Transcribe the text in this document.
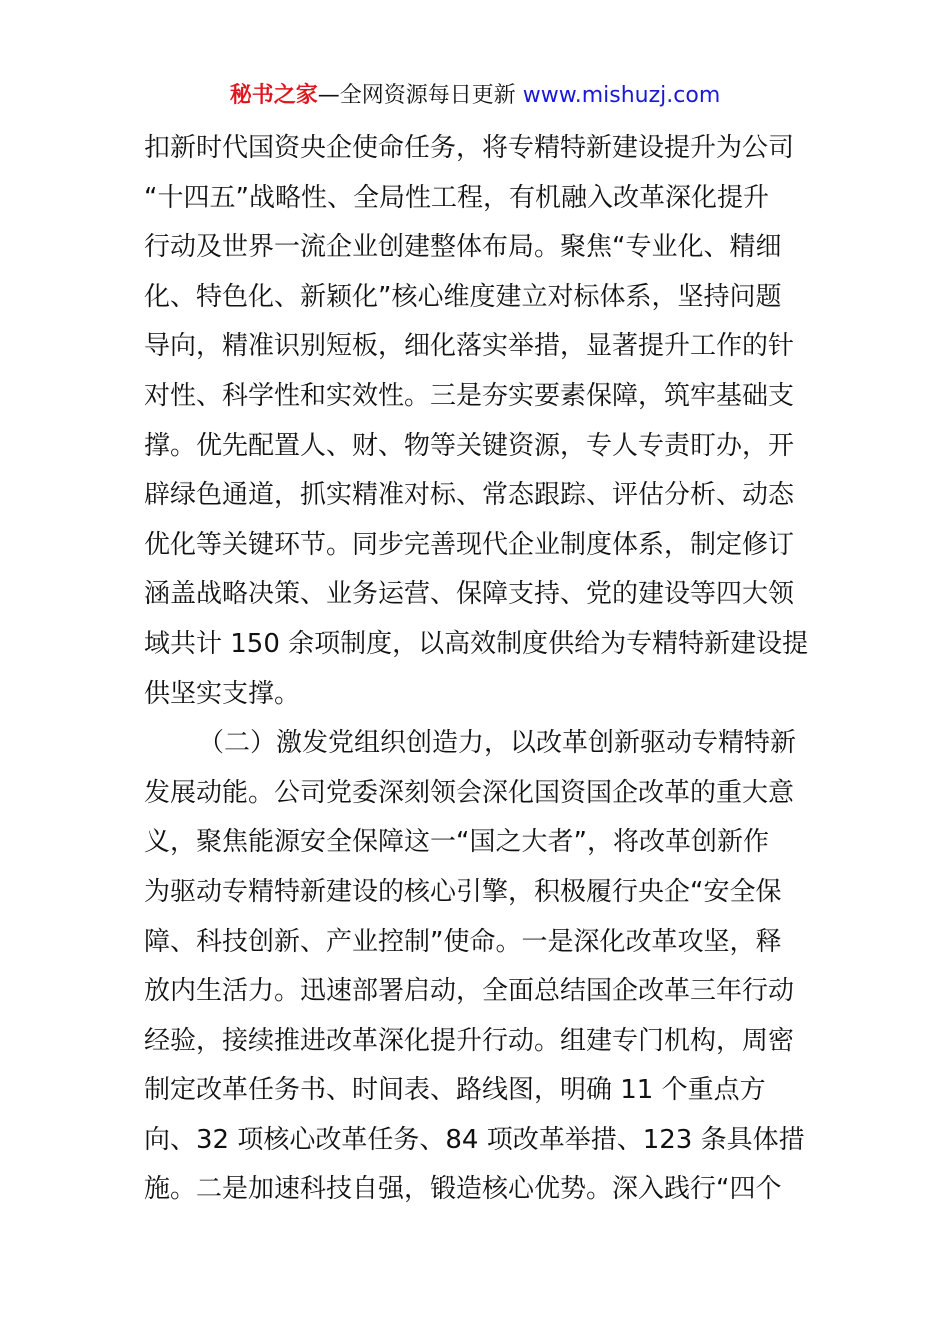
秘书之家—全网资源每日更新 www.mishuzj.com
扣新时代国资央企使命任务，将专精特新建设提升为公司
“十四五”战略性、全局性工程，有机融入改革深化提升
行动及世界一流企业创建整体布局。聚焦“专业化、精细
化、特色化、新颖化”核心维度建立对标体系，坚持问题
导向，精准识别短板，细化落实举措，显著提升工作的针
对性、科学性和实效性。三是夯实要素保障，筑牢基础支
撑。优先配置人、财、物等关键资源，专人专责盯办，开
辟绿色通道，抓实精准对标、常态跟踪、评估分析、动态
优化等关键环节。同步完善现代企业制度体系，制定修订
涵盖战略决策、业务运营、保障支持、党的建设等四大领
域共计 150 余项制度，以高效制度供给为专精特新建设提
供坚实支撑。
（二）激发党组织创造力，以改革创新驱动专精特新
发展动能。公司党委深刻领会深化国资国企改革的重大意
义，聚焦能源安全保障这一“国之大者”，将改革创新作
为驱动专精特新建设的核心引擎，积极履行央企“安全保
障、科技创新、产业控制”使命。一是深化改革攻坚，释
放内生活力。迅速部署启动，全面总结国企改革三年行动
经验，接续推进改革深化提升行动。组建专门机构，周密
制定改革任务书、时间表、路线图，明确 11 个重点方
向、32 项核心改革任务、84 项改革举措、123 条具体措
施。二是加速科技自强，锻造核心优势。深入践行“四个
